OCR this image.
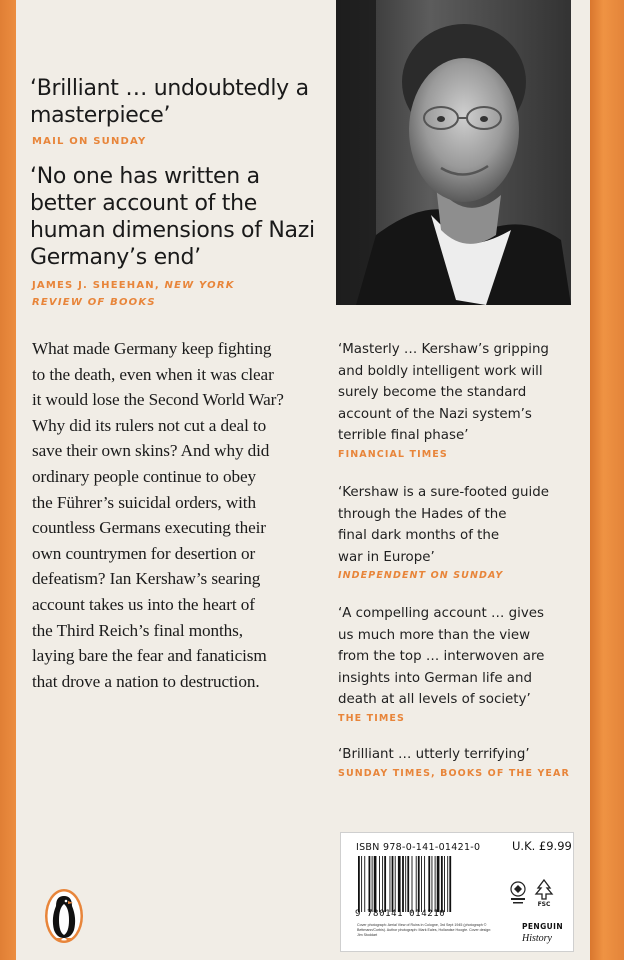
‘Brilliant … undoubtedly a masterpiece’
MAIL ON SUNDAY
‘No one has written a better account of the human dimensions of Nazi Germany’s end’
JAMES J. SHEEHAN, NEW YORK
REVIEW OF BOOKS
What made Germany keep fighting
to the death, even when it was clear
it would lose the Second World War?
Why did its rulers not cut a deal to
save their own skins? And why did
ordinary people continue to obey
the Führer’s suicidal orders, with
countless Germans executing their
own countrymen for desertion or
defeatism? Ian Kershaw’s searing
account takes us into the heart of
the Third Reich’s final months,
laying bare the fear and fanaticism
that drove a nation to destruction.
‘Masterly … Kershaw’s gripping
and boldly intelligent work will
surely become the standard
account of the Nazi system’s
terrible final phase’
FINANCIAL TIMES
‘Kershaw is a sure-footed guide
through the Hades of the
final dark months of the
war in Europe’
INDEPENDENT ON SUNDAY
‘A compelling account … gives
us much more than the view
from the top … interwoven are
insights into German life and
death at all levels of society’
THE TIMES
‘Brilliant … utterly terrifying’
SUNDAY TIMES, BOOKS OF THE YEAR
ISBN 978-0-141-01421-0	U.K. £9.99
9 780141 014210
Cover photograph: Aerial View of Ruins in Cologne, 3rd Sept 1945 (photograph © Bettmann/Corbis). Author photograph: Mark Eales, Hollandse Hoogte. Cover design: Jim Stoddart
FSC
PENGUIN
History
